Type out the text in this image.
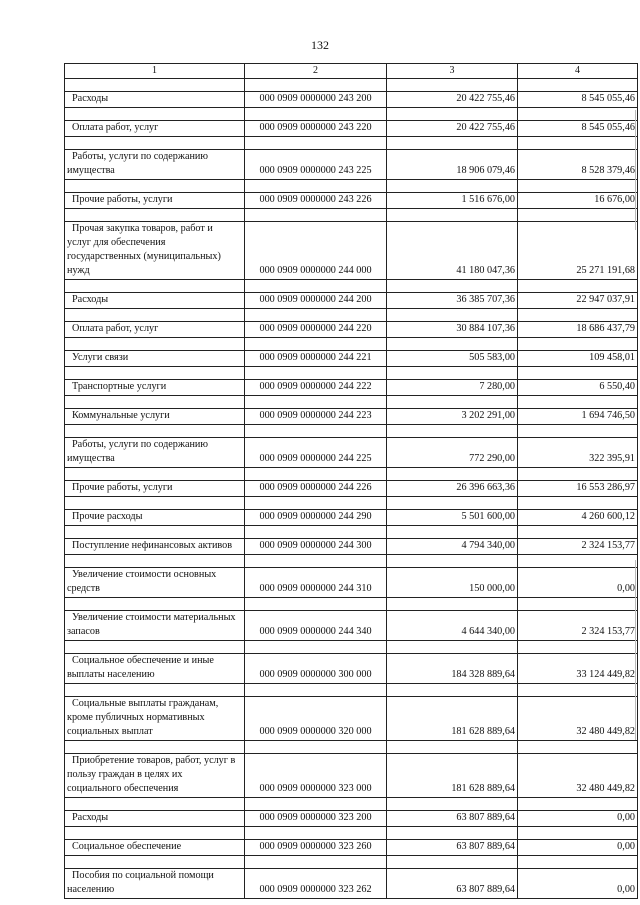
132
1	2	3	4

Расходы	000 0909 0000000 243 200	20 422 755,46	8 545 055,46

Оплата работ, услуг	000 0909 0000000 243 220	20 422 755,46	8 545 055,46

Работы, услуги по содержанию
имущества	000 0909 0000000 243 225	18 906 079,46	8 528 379,46

Прочие работы, услуги	000 0909 0000000 243 226	1 516 676,00	16 676,00

Прочая закупка товаров, работ и
услуг для обеспечения
государственных (муниципальных)
нужд	000 0909 0000000 244 000	41 180 047,36	25 271 191,68

Расходы	000 0909 0000000 244 200	36 385 707,36	22 947 037,91

Оплата работ, услуг	000 0909 0000000 244 220	30 884 107,36	18 686 437,79

Услуги связи	000 0909 0000000 244 221	505 583,00	109 458,01

Транспортные услуги	000 0909 0000000 244 222	7 280,00	6 550,40

Коммунальные услуги	000 0909 0000000 244 223	3 202 291,00	1 694 746,50

Работы, услуги по содержанию
имущества	000 0909 0000000 244 225	772 290,00	322 395,91

Прочие работы, услуги	000 0909 0000000 244 226	26 396 663,36	16 553 286,97

Прочие расходы	000 0909 0000000 244 290	5 501 600,00	4 260 600,12

Поступление нефинансовых активов	000 0909 0000000 244 300	4 794 340,00	2 324 153,77

Увеличение стоимости основных
средств	000 0909 0000000 244 310	150 000,00	0,00

Увеличение стоимости материальных
запасов	000 0909 0000000 244 340	4 644 340,00	2 324 153,77

Социальное обеспечение и иные
выплаты населению	000 0909 0000000 300 000	184 328 889,64	33 124 449,82

Социальные выплаты гражданам,
кроме публичных нормативных
социальных выплат	000 0909 0000000 320 000	181 628 889,64	32 480 449,82

Приобретение товаров, работ, услуг в
пользу граждан в целях их
социального обеспечения	000 0909 0000000 323 000	181 628 889,64	32 480 449,82

Расходы	000 0909 0000000 323 200	63 807 889,64	0,00

Социальное обеспечение	000 0909 0000000 323 260	63 807 889,64	0,00

Пособия по социальной помощи
населению	000 0909 0000000 323 262	63 807 889,64	0,00
